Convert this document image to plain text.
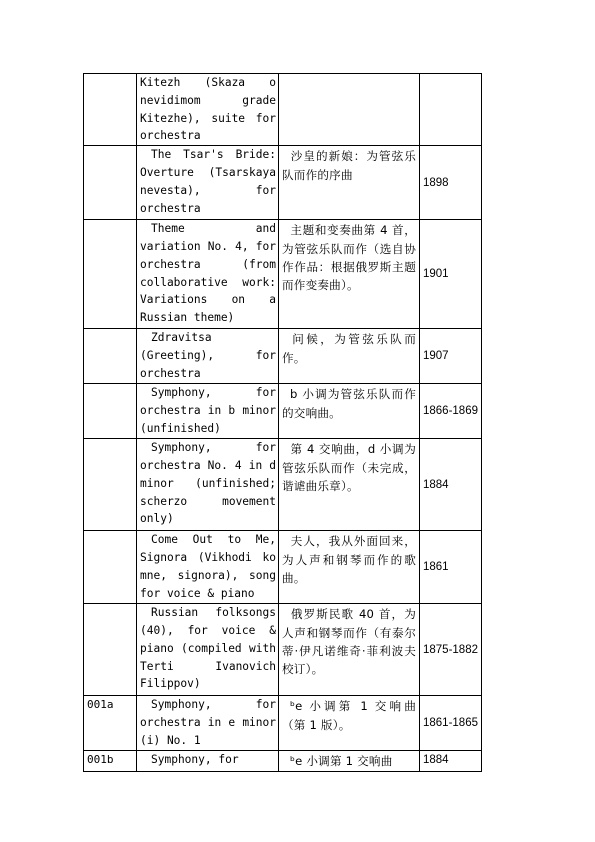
	Kitezh (Skaza o nevidimom grade Kitezhe), suite for orchestra		
	The Tsar's Bride: Overture (Tsarskaya nevesta), for orchestra	沙皇的新娘：为管弦乐队而作的序曲	1898
	Theme and variation No. 4, for orchestra (from collaborative work: Variations on a Russian theme)	主题和变奏曲第 4 首，为管弦乐队而作（选自协作作品：根据俄罗斯主题而作变奏曲）。	1901
	Zdravitsa (Greeting), for orchestra	问候，为管弦乐队而作。	1907
	Symphony, for orchestra in b minor (unfinished)	b 小调为管弦乐队而作的交响曲。	1866-1869
	Symphony, for orchestra No. 4 in d minor (unfinished; scherzo movement only)	第 4 交响曲，d 小调为管弦乐队而作（未完成，谐谑曲乐章）。	1884
	Come Out to Me, Signora (Vikhodi ko mne, signora), song for voice & piano	夫人，我从外面回来，为人声和钢琴而作的歌曲。	1861
	Russian folksongs (40), for voice & piano (compiled with Terti Ivanovich Filippov)	俄罗斯民歌 40 首，为人声和钢琴而作（有泰尔蒂·伊凡诺维奇·菲利波夫校订）。	1875-1882
001a	Symphony, for orchestra in e minor (i) No. 1	ᵇe 小调第 1 交响曲（第 1 版）。	1861-1865
001b	Symphony, for	ᵇe 小调第 1 交响曲	1884
